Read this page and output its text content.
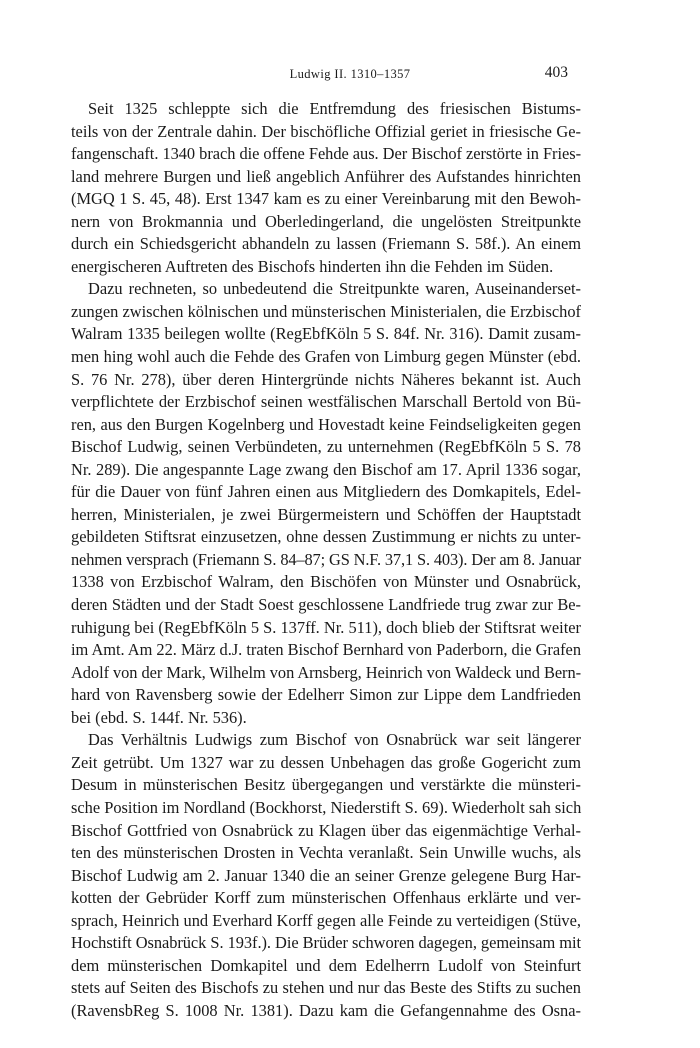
Ludwig II. 1310–1357	403
Seit 1325 schleppte sich die Entfremdung des friesischen Bistums-
teils von der Zentrale dahin. Der bischöfliche Offizial geriet in friesische Ge-
fangenschaft. 1340 brach die offene Fehde aus. Der Bischof zerstörte in Fries-
land mehrere Burgen und ließ angeblich Anführer des Aufstandes hinrichten
(MGQ 1 S. 45, 48). Erst 1347 kam es zu einer Vereinbarung mit den Bewoh-
nern von Brokmannia und Oberledingerland, die ungelösten Streitpunkte
durch ein Schiedsgericht abhandeln zu lassen (Friemann S. 58f.). An einem
energischeren Auftreten des Bischofs hinderten ihn die Fehden im Süden.
Dazu rechneten, so unbedeutend die Streitpunkte waren, Auseinanderset-
zungen zwischen kölnischen und münsterischen Ministerialen, die Erzbischof
Walram 1335 beilegen wollte (RegEbfKöln 5 S. 84f. Nr. 316). Damit zusam-
men hing wohl auch die Fehde des Grafen von Limburg gegen Münster (ebd.
S. 76 Nr. 278), über deren Hintergründe nichts Näheres bekannt ist. Auch
verpflichtete der Erzbischof seinen westfälischen Marschall Bertold von Bü-
ren, aus den Burgen Kogelnberg und Hovestadt keine Feindseligkeiten gegen
Bischof Ludwig, seinen Verbündeten, zu unternehmen (RegEbfKöln 5 S. 78
Nr. 289). Die angespannte Lage zwang den Bischof am 17. April 1336 sogar,
für die Dauer von fünf Jahren einen aus Mitgliedern des Domkapitels, Edel-
herren, Ministerialen, je zwei Bürgermeistern und Schöffen der Hauptstadt
gebildeten Stiftsrat einzusetzen, ohne dessen Zustimmung er nichts zu unter-
nehmen versprach (Friemann S. 84–87; GS N.F. 37,1 S. 403). Der am 8. Januar
1338 von Erzbischof Walram, den Bischöfen von Münster und Osnabrück,
deren Städten und der Stadt Soest geschlossene Landfriede trug zwar zur Be-
ruhigung bei (RegEbfKöln 5 S. 137ff. Nr. 511), doch blieb der Stiftsrat weiter
im Amt. Am 22. März d.J. traten Bischof Bernhard von Paderborn, die Grafen
Adolf von der Mark, Wilhelm von Arnsberg, Heinrich von Waldeck und Bern-
hard von Ravensberg sowie der Edelherr Simon zur Lippe dem Landfrieden
bei (ebd. S. 144f. Nr. 536).
Das Verhältnis Ludwigs zum Bischof von Osnabrück war seit längerer
Zeit getrübt. Um 1327 war zu dessen Unbehagen das große Gogericht zum
Desum in münsterischen Besitz übergegangen und verstärkte die münsteri-
sche Position im Nordland (Bockhorst, Niederstift S. 69). Wiederholt sah sich
Bischof Gottfried von Osnabrück zu Klagen über das eigenmächtige Verhal-
ten des münsterischen Drosten in Vechta veranlaßt. Sein Unwille wuchs, als
Bischof Ludwig am 2. Januar 1340 die an seiner Grenze gelegene Burg Har-
kotten der Gebrüder Korff zum münsterischen Offenhaus erklärte und ver-
sprach, Heinrich und Everhard Korff gegen alle Feinde zu verteidigen (Stüve,
Hochstift Osnabrück S. 193f.). Die Brüder schworen dagegen, gemeinsam mit
dem münsterischen Domkapitel und dem Edelherrn Ludolf von Steinfurt
stets auf Seiten des Bischofs zu stehen und nur das Beste des Stifts zu suchen
(RavensbReg S. 1008 Nr. 1381). Dazu kam die Gefangennahme des Osna-
